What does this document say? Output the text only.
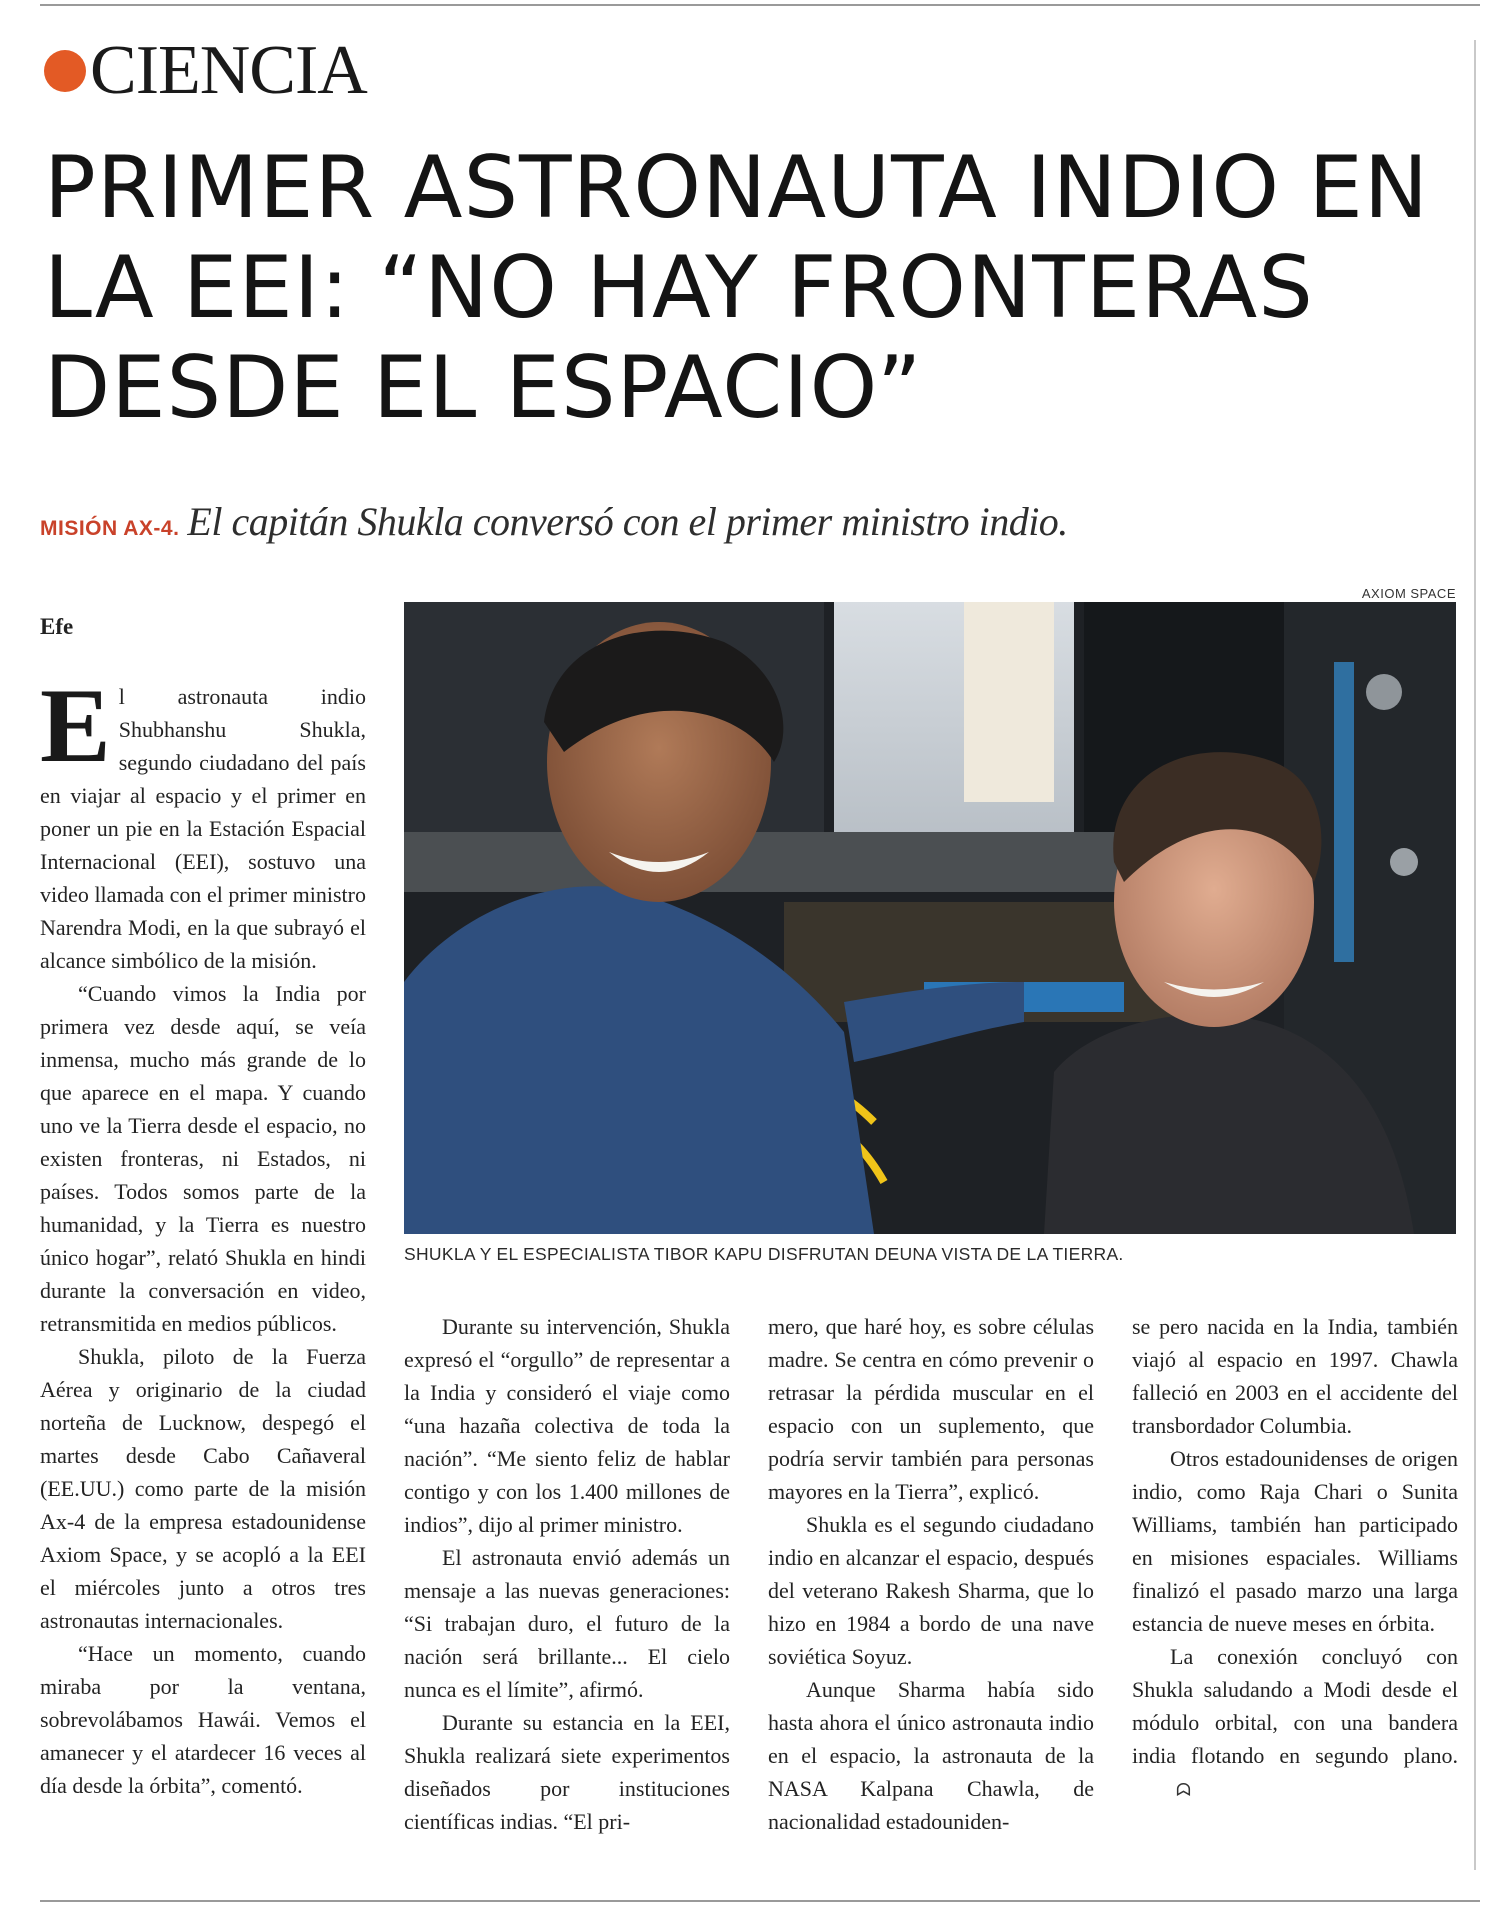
CIENCIA
PRIMER ASTRONAUTA INDIO EN
LA EEI: “NO HAY FRONTERAS
DESDE EL ESPACIO”
MISIÓN AX-4. El capitán Shukla conversó con el primer ministro indio.
AXIOM SPACE
SHUKLA Y EL ESPECIALISTA TIBOR KAPU DISFRUTAN DEUNA VISTA DE LA TIERRA.
Efe

El astronauta indio Shubhanshu Shukla, segundo ciudadano del país en viajar al espacio y el primer en poner un pie en la Estación Espacial Internacional (EEI), sostuvo una video llamada con el primer ministro Narendra Modi, en la que subrayó el alcance simbólico de la misión.

“Cuando vimos la India por primera vez desde aquí, se veía inmensa, mucho más grande de lo que aparece en el mapa. Y cuando uno ve la Tierra desde el espacio, no existen fronteras, ni Estados, ni países. Todos somos parte de la humanidad, y la Tierra es nuestro único hogar”, relató Shukla en hindi durante la conversación en video, retransmitida en medios públicos.

Shukla, piloto de la Fuerza Aérea y originario de la ciudad norteña de Lucknow, despegó el martes desde Cabo Cañaveral (EE.UU.) como parte de la misión Ax-4 de la empresa estadounidense Axiom Space, y se acopló a la EEI el miércoles junto a otros tres astronautas internacionales.

“Hace un momento, cuando miraba por la ventana, sobrevolábamos Hawái. Vemos el amanecer y el atardecer 16 veces al día desde la órbita”, comentó.

Durante su intervención, Shukla expresó el “orgullo” de representar a la India y consideró el viaje como “una hazaña colectiva de toda la nación”. “Me siento feliz de hablar contigo y con los 1.400 millones de indios”, dijo al primer ministro.

El astronauta envió además un mensaje a las nuevas generaciones: “Si trabajan duro, el futuro de la nación será brillante... El cielo nunca es el límite”, afirmó.

Durante su estancia en la EEI, Shukla realizará siete experimentos diseñados por instituciones científicas indias. “El pri-

mero, que haré hoy, es sobre células madre. Se centra en cómo prevenir o retrasar la pérdida muscular en el espacio con un suplemento, que podría servir también para personas mayores en la Tierra”, explicó.

Shukla es el segundo ciudadano indio en alcanzar el espacio, después del veterano Rakesh Sharma, que lo hizo en 1984 a bordo de una nave soviética Soyuz.

Aunque Sharma había sido hasta ahora el único astronauta indio en el espacio, la astronauta de la NASA Kalpana Chawla, de nacionalidad estadouniden-

se pero nacida en la India, también viajó al espacio en 1997. Chawla falleció en 2003 en el accidente del transbordador Columbia.

Otros estadounidenses de origen indio, como Raja Chari o Sunita Williams, también han participado en misiones espaciales. Williams finalizó el pasado marzo una larga estancia de nueve meses en órbita.

La conexión concluyó con Shukla saludando a Modi desde el módulo orbital, con una bandera india flotando en segundo plano.ᗣ
